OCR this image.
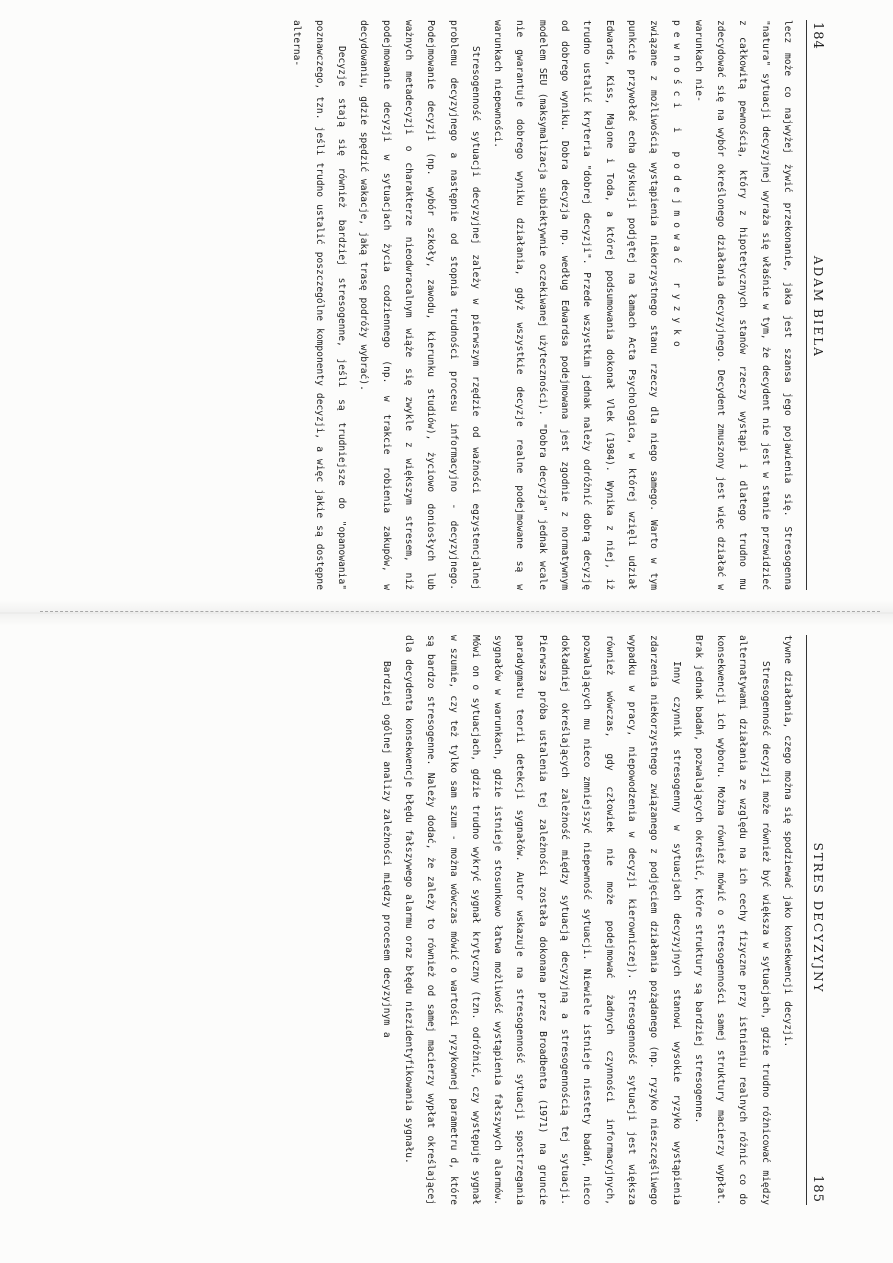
184
ADAM BIELA

lecz może co najwyżej żywić przekonanie, jaka jest szansa jego pojawienia się. Stresogenna "natura" sytuacji decyzyjnej wyraża się właśnie w tym, że decydent nie jest w stanie przewidzieć z całkowitą pewnością, który z hipotetycznych stanów rzeczy wystąpi i dlatego trudno mu zdecydować się na wybór określonego działania decyzyjnego. Decydent zmuszony jest więc działać w warunkach nie-

pewności i podejmować ryzyko

związane z możliwością wystąpienia niekorzystnego stanu rzeczy dla niego samego. Warto w tym punkcie przywołać echa dyskusji podjętej na łamach Acta Psychologica, w której wzięli udział Edwards, Kiss, Majone i Toda, a której podsumowania dokonał Vlek (1984). Wynika z niej, iż trudno ustalić kryteria "dobrej decyzji". Przede wszystkim jednak należy odróżnić dobrą decyzję od dobrego wyniku. Dobra decyzja np. według Edwardsa podejmowana jest zgodnie z normatywnym modelem SEU (maksymalizacja subiektywnie oczekiwanej użyteczności). "Dobra decyzja" jednak wcale nie gwarantuje dobrego wyniku działania, gdyż wszystkie decyzje realne podejmowane są w warunkach niepewności.

Stresogenność sytuacji decyzyjnej zależy w pierwszym rzędzie od ważności egzystencjalnej problemu decyzyjnego a następnie od stopnia trudności procesu informacyjno - decyzyjnego. Podejmowanie decyzji (np. wybór szkoły, zawodu, kierunku studiów), życiowo doniosłych lub ważnych metadecyzji o charakterze nieodwracalnym wiąże się zwykle z większym stresem, niż podejmowanie decyzji w sytuacjach życia codziennego (np. w trakcie robienia zakupów, w decydowaniu, gdzie spędzić wakacje, jaką trasę podróży wybrać).

Decyzje stają się również bardziej stresogenne, jeśli są trudniejsze do "opanowania" poznawczego, tzn. jeśli trudno ustalić poszczególne komponenty decyzji, a więc jakie są dostępne alterna-

STRES DECYZYJNY
185

tywne działania, czego można się spodziewać jako konsekwencji decyzji.

Stresogenność decyzji może również być większa w sytuacjach, gdzie trudno różnicować między alternatywami działania ze względu na ich cechy fizyczne przy istnieniu realnych różnic co do konsekwencji ich wyboru. Można również mówić o stresogenności samej struktury macierzy wypłat. Brak jednak badań, pozwalających określić, które struktury są bardziej stresogenne.

Inny czynnik stresogenny w sytuacjach decyzyjnych stanowi wysokie ryzyko wystąpienia zdarzenia niekorzystnego związanego z podjęciem działania pożądanego (np. ryzyko nieszczęśliwego wypadku w pracy, niepowodzenia w decyzji kierowniczej). Stresogenność sytuacji jest większa również wówczas, gdy człowiek nie może podejmować żadnych czynności informacyjnych, pozwalających mu nieco zmniejszyć niepewność sytuacji. Niewiele istnieje niestety badań, nieco dokładniej określających zależność między sytuacją decyzyjną a stresogennością tej sytuacji. Pierwsza próba ustalenia tej zależności została dokonana przez Broadbenta (1971) na gruncie paradygmatu teorii detekcji sygnałów. Autor wskazuje na stresogenność sytuacji spostrzegania sygnałów w warunkach, gdzie istnieje stosunkowo łatwa możliwość wystąpienia fałszywych alarmów. Mówi on o sytuacjach, gdzie trudno wykryć sygnał krytyczny (tzn. odróżnić, czy występuje sygnał w szumie, czy też tylko sam szum - można wówczas mówić o wartości ryzykownej parametru d, które są bardzo stresogenne. Należy dodać, że zależy to również od samej macierzy wypłat określającej dla decydenta konsekwencje błędu fałszywego alarmu oraz błędu niezidentyfikowania sygnału.

Bardziej ogólnej analizy zależności między procesem decyzyjnym a
